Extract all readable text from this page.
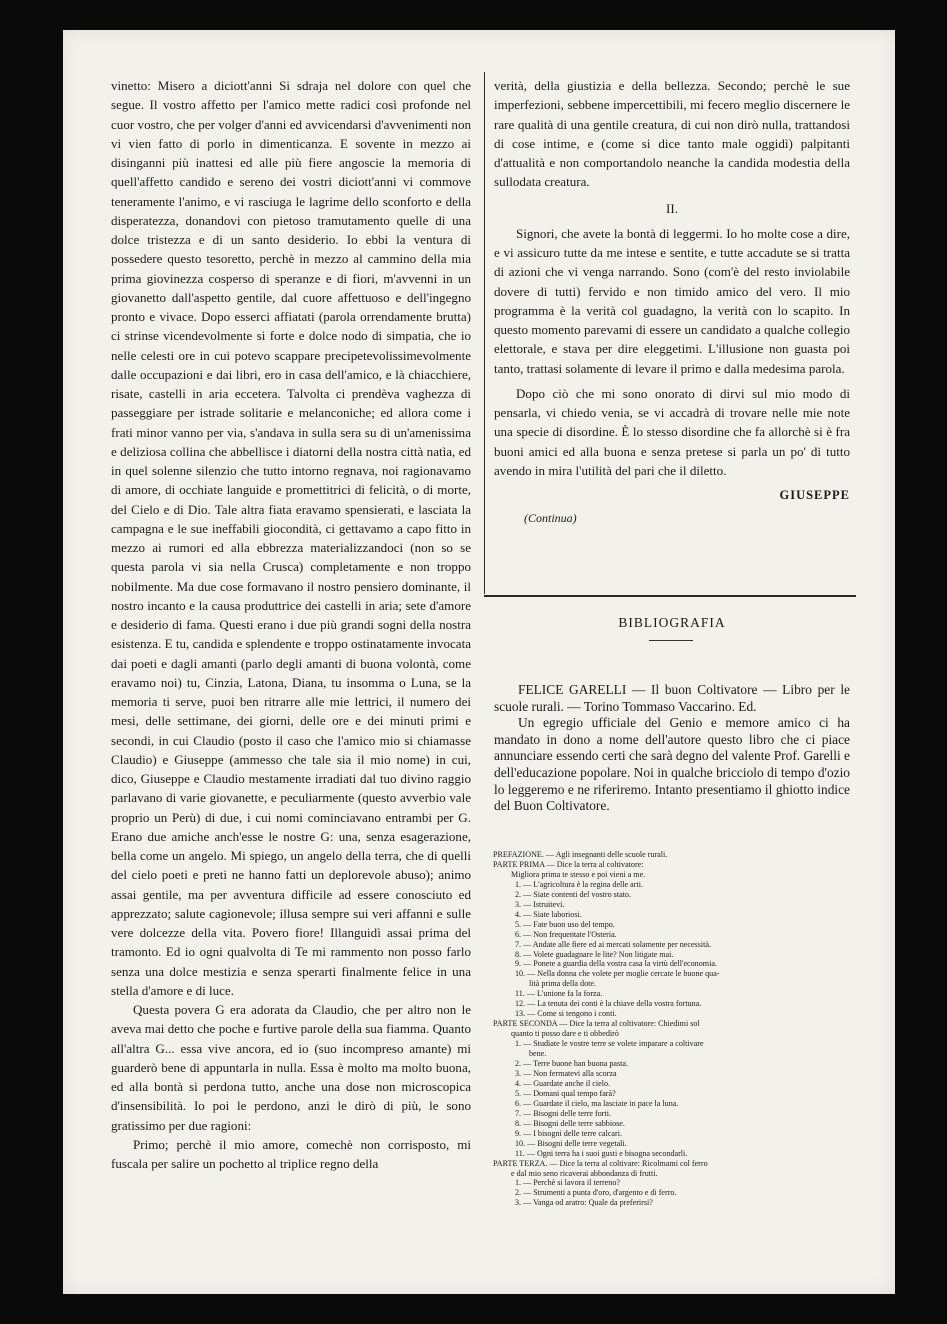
vinetto: Misero a diciott'anni Si sdraja nel dolore con quel che segue. Il vostro affetto per l'amico mette radici così profonde nel cuor vostro, che per volger d'anni ed avvicendarsi d'avvenimenti non vi vien fatto di porlo in dimenticanza. E sovente in mezzo ai disinganni più inattesi ed alle più fiere angoscie la memoria di quell'affetto candido e sereno dei vostri diciott'anni vi commove teneramente l'animo, e vi rasciuga le lagrime dello sconforto e della disperatezza, donandovi con pietoso tramutamento quelle di una dolce tristezza e di un santo desiderio. Io ebbi la ventura di possedere questo tesoretto, perchè in mezzo al cammino della mia prima giovinezza cosperso di speranze e di fiori, m'avvenni in un giovanetto dall'aspetto gentile, dal cuore affettuoso e dell'ingegno pronto e vivace. Dopo esserci affiatati (parola orrendamente brutta) ci strinse vicendevolmente si forte e dolce nodo di simpatia, che io nelle celesti ore in cui potevo scappare precipetevolissimevolmente dalle occupazioni e dai libri, ero in casa dell'amico, e là chiacchiere, risate, castelli in aria eccetera. Talvolta ci prendèva vaghezza di passeggiare per istrade solitarie e melanconiche; ed allora come i frati minor vanno per via, s'andava in sulla sera su di un'amenissima e deliziosa collina che abbellisce i diatorni della nostra città natìa, ed in quel solenne silenzio che tutto intorno regnava, noi ragionavamo di amore, di occhiate languide e promettitrici di felicità, o di morte, del Cielo e di Dio. Tale altra fiata eravamo spensierati, e lasciata la campagna e le sue ineffabili giocondità, ci gettavamo a capo fitto in mezzo ai rumori ed alla ebbrezza materializzandoci (non so se questa parola vi sia nella Crusca) completamente e non troppo nobilmente. Ma due cose formavano il nostro pensiero dominante, il nostro incanto e la causa produttrice dei castelli in aria; sete d'amore e desiderio di fama. Questi erano i due più grandi sogni della nostra esistenza. E tu, candida e splendente e troppo ostinatamente invocata dai poeti e dagli amanti (parlo degli amanti di buona volontà, come eravamo noi) tu, Cinzia, Latona, Diana, tu insomma o Luna, se la memoria ti serve, puoi ben ritrarre alle mie lettrici, il numero dei mesi, delle settimane, dei giorni, delle ore e dei minuti primi e secondi, in cui Claudio (posto il caso che l'amico mio si chiamasse Claudio) e Giuseppe (ammesso che tale sia il mio nome) in cui, dico, Giuseppe e Claudio mestamente irradiati dal tuo divino raggio parlavano di varie giovanette, e peculiarmente (questo avverbio vale proprio un Perù) di due, i cui nomi cominciavano entrambi per G. Erano due amiche anch'esse le nostre G: una, senza esagerazione, bella come un angelo. Mi spiego, un angelo della terra, che di quelli del cielo poeti e preti ne hanno fatti un deplorevole abuso); animo assai gentile, ma per avventura difficile ad essere conosciuto ed apprezzato; salute cagionevole; illusa sempre sui veri affanni e sulle vere dolcezze della vita. Povero fiore! Illanguidì assai prima del tramonto. Ed io ogni qualvolta di Te mi rammento non posso farlo senza una dolce mestizia e senza sperarti finalmente felice in una stella d'amore e di luce.

Questa povera G era adorata da Claudio, che per altro non le aveva mai detto che poche e furtive parole della sua fiamma. Quanto all'altra G... essa vive ancora, ed io (suo incompreso amante) mi guarderò bene di appuntarla in nulla. Essa è molto ma molto buona, ed alla bontà si perdona tutto, anche una dose non microscopica d'insensibilità. Io poi le perdono, anzi le dirò di più, le sono gratissimo per due ragioni:

Primo; perchè il mio amore, comechè non corrisposto, mi fuscala per salire un pochetto al triplice regno della

verità, della giustizia e della bellezza. Secondo; perchè le sue imperfezioni, sebbene impercettibili, mi fecero meglio discernere le rare qualità di una gentile creatura, di cui non dirò nulla, trattandosi di cose intime, e (come si dice tanto male oggidì) palpitanti d'attualità e non comportandolo neanche la candida modestia della sullodata creatura.

II.

Signori, che avete la bontà di leggermi. Io ho molte cose a dire, e vi assicuro tutte da me intese e sentite, e tutte accadute se si tratta di azioni che vi venga narrando. Sono (com'è del resto inviolabile dovere di tutti) fervido e non timido amico del vero. Il mio programma è la verità col guadagno, la verità con lo scapito. In questo momento parevami di essere un candidato a qualche collegio elettorale, e stava per dire eleggetimi. L'illusione non guasta poi tanto, trattasi solamente di levare il primo e dalla medesima parola.

Dopo ciò che mi sono onorato di dirvi sul mio modo di pensarla, vi chiedo venia, se vi accadrà di trovare nelle mie note una specie di disordine. È lo stesso disordine che fa allorchè si è fra buoni amici ed alla buona e senza pretese si parla un po' di tutto avendo in mira l'utilità del pari che il diletto.

GIUSEPPE
(Continua)
BIBLIOGRAFIA

FELICE GARELLI — Il buon Coltivatore — Libro per le scuole rurali. — Torino Tommaso Vaccarino. Ed.

Un egregio ufficiale del Genio e memore amico ci ha mandato in dono a nome dell'autore questo libro che ci piace annunciare essendo certi che sarà degno del valente Prof. Garelli e dell'educazione popolare. Noi in qualche bricciolo di tempo d'ozio lo leggeremo e ne riferiremo. Intanto presentiamo il ghiotto indice del Buon Coltivatore.

PREFAZIONE. — Agli insegnanti delle scuole rurali.
PARTE PRIMA — Dice la terra al coltivatore:
Migliora prima te stesso e poi vieni a me.
1. — L'agricoltura è la regina delle arti.
2. — Siate contenti del vostro stato.
3. — Istruitevi.
4. — Siate laboriosi.
5. — Fate buon uso del tempo.
6. — Non frequentate l'Osteria.
7. — Andate alle fiere ed ai mercati solamente per necessità.
8. — Volete guadagnare le lite? Non litigate mai.
9. — Ponete a guardia della vostra casa la virtù dell'economia.
10. — Nella donna che volete per moglie cercate le buone qua-
lità prima della dote.
11. — L'unione fa la forza.
12. — La tenuta dei conti è la chiave della vostra fortuna.
13. — Come si tengono i conti.
PARTE SECONDA — Dice la terra al coltivatore: Chiedimi sol
quanto ti posso dare e ti obbedirò
1. — Studiate le vostre terre se volete imparare a coltivare
bene.
2. — Terre buone han buona pasta.
3. — Non fermatevi alla scorza
4. — Guardate anche il cielo.
5. — Domani qual tempo farà?
6. — Guardate il cielo, ma lasciate in pace la luna.
7. — Bisogni delle terre forti.
8. — Bisogni delle terre sabbiose.
9. — I bisogni delle terre calcari.
10. — Bisogni delle terre vegetali.
11. — Ogni terra ha i suoi gusti e bisogna secondarli.
PARTE TERZA. — Dice la terra al coltivare: Ricolmami col ferro
e dal mio seno ricaverai abbondanza di frutti.
1. — Perchè si lavora il terreno?
2. — Strumenti a punta d'oro, d'argento e di ferro.
3. — Vanga od aratro: Quale da preferirsi?
